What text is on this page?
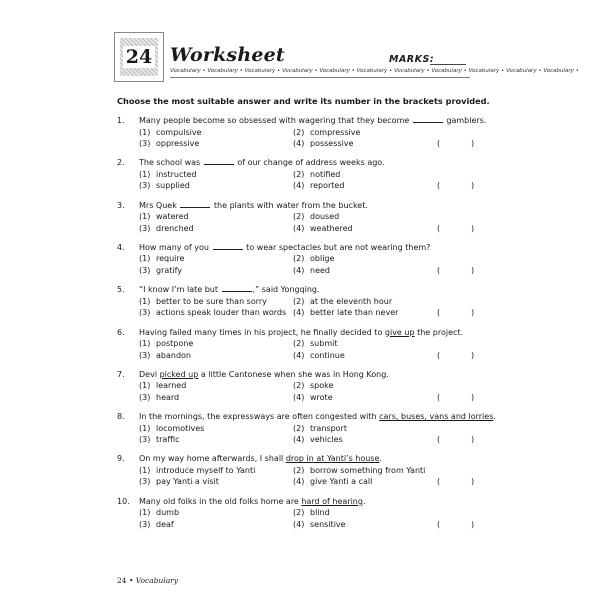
24 Worksheet	MARKS:
Vocabulary • Vocabulary • Vocabulary • Vocabulary • Vocabulary • Vocabulary • Vocabulary • Vocabulary • Vocabulary • Vocabulary • Vocabulary •
Choose the most suitable answer and write its number in the brackets provided.
1. Many people become so obsessed with wagering that they become	gamblers.
(1) compulsive	(2) compressive
(3) oppressive	(4) possessive	(	)
2. The school was	of our change of address weeks ago.
(1) instructed	(2) notified
(3) supplied	(4) reported	(	)
3. Mrs Quek	the plants with water from the bucket.
(1) watered	(2) doused
(3) drenched	(4) weathered	(	)
4. How many of you	to wear spectacles but are not wearing them?
(1) require	(2) oblige
(3) gratify	(4) need	(	)
5. “I know I’m late but	,” said Yongqing.
(1) better to be sure than sorry	(2) at the eleventh hour
(3) actions speak louder than words (4) better late than never	(	)
6. Having failed many times in his project, he finally decided to give up the project.
(1) postpone	(2) submit
(3) abandon	(4) continue	(	)
7. Devi picked up a little Cantonese when she was in Hong Kong.
(1) learned	(2) spoke
(3) heard	(4) wrote	(	)
8. In the mornings, the expressways are often congested with cars, buses, vans and lorries.
(1) locomotives	(2) transport
(3) traffic	(4) vehicles	(	)
9. On my way home afterwards, I shall drop in at Yanti’s house.
(1) introduce myself to Yanti	(2) borrow something from Yanti
(3) pay Yanti a visit	(4) give Yanti a call	(	)
10. Many old folks in the old folks home are hard of hearing.
(1) dumb	(2) blind
(3) deaf	(4) sensitive	(	)
24 • Vocabulary
